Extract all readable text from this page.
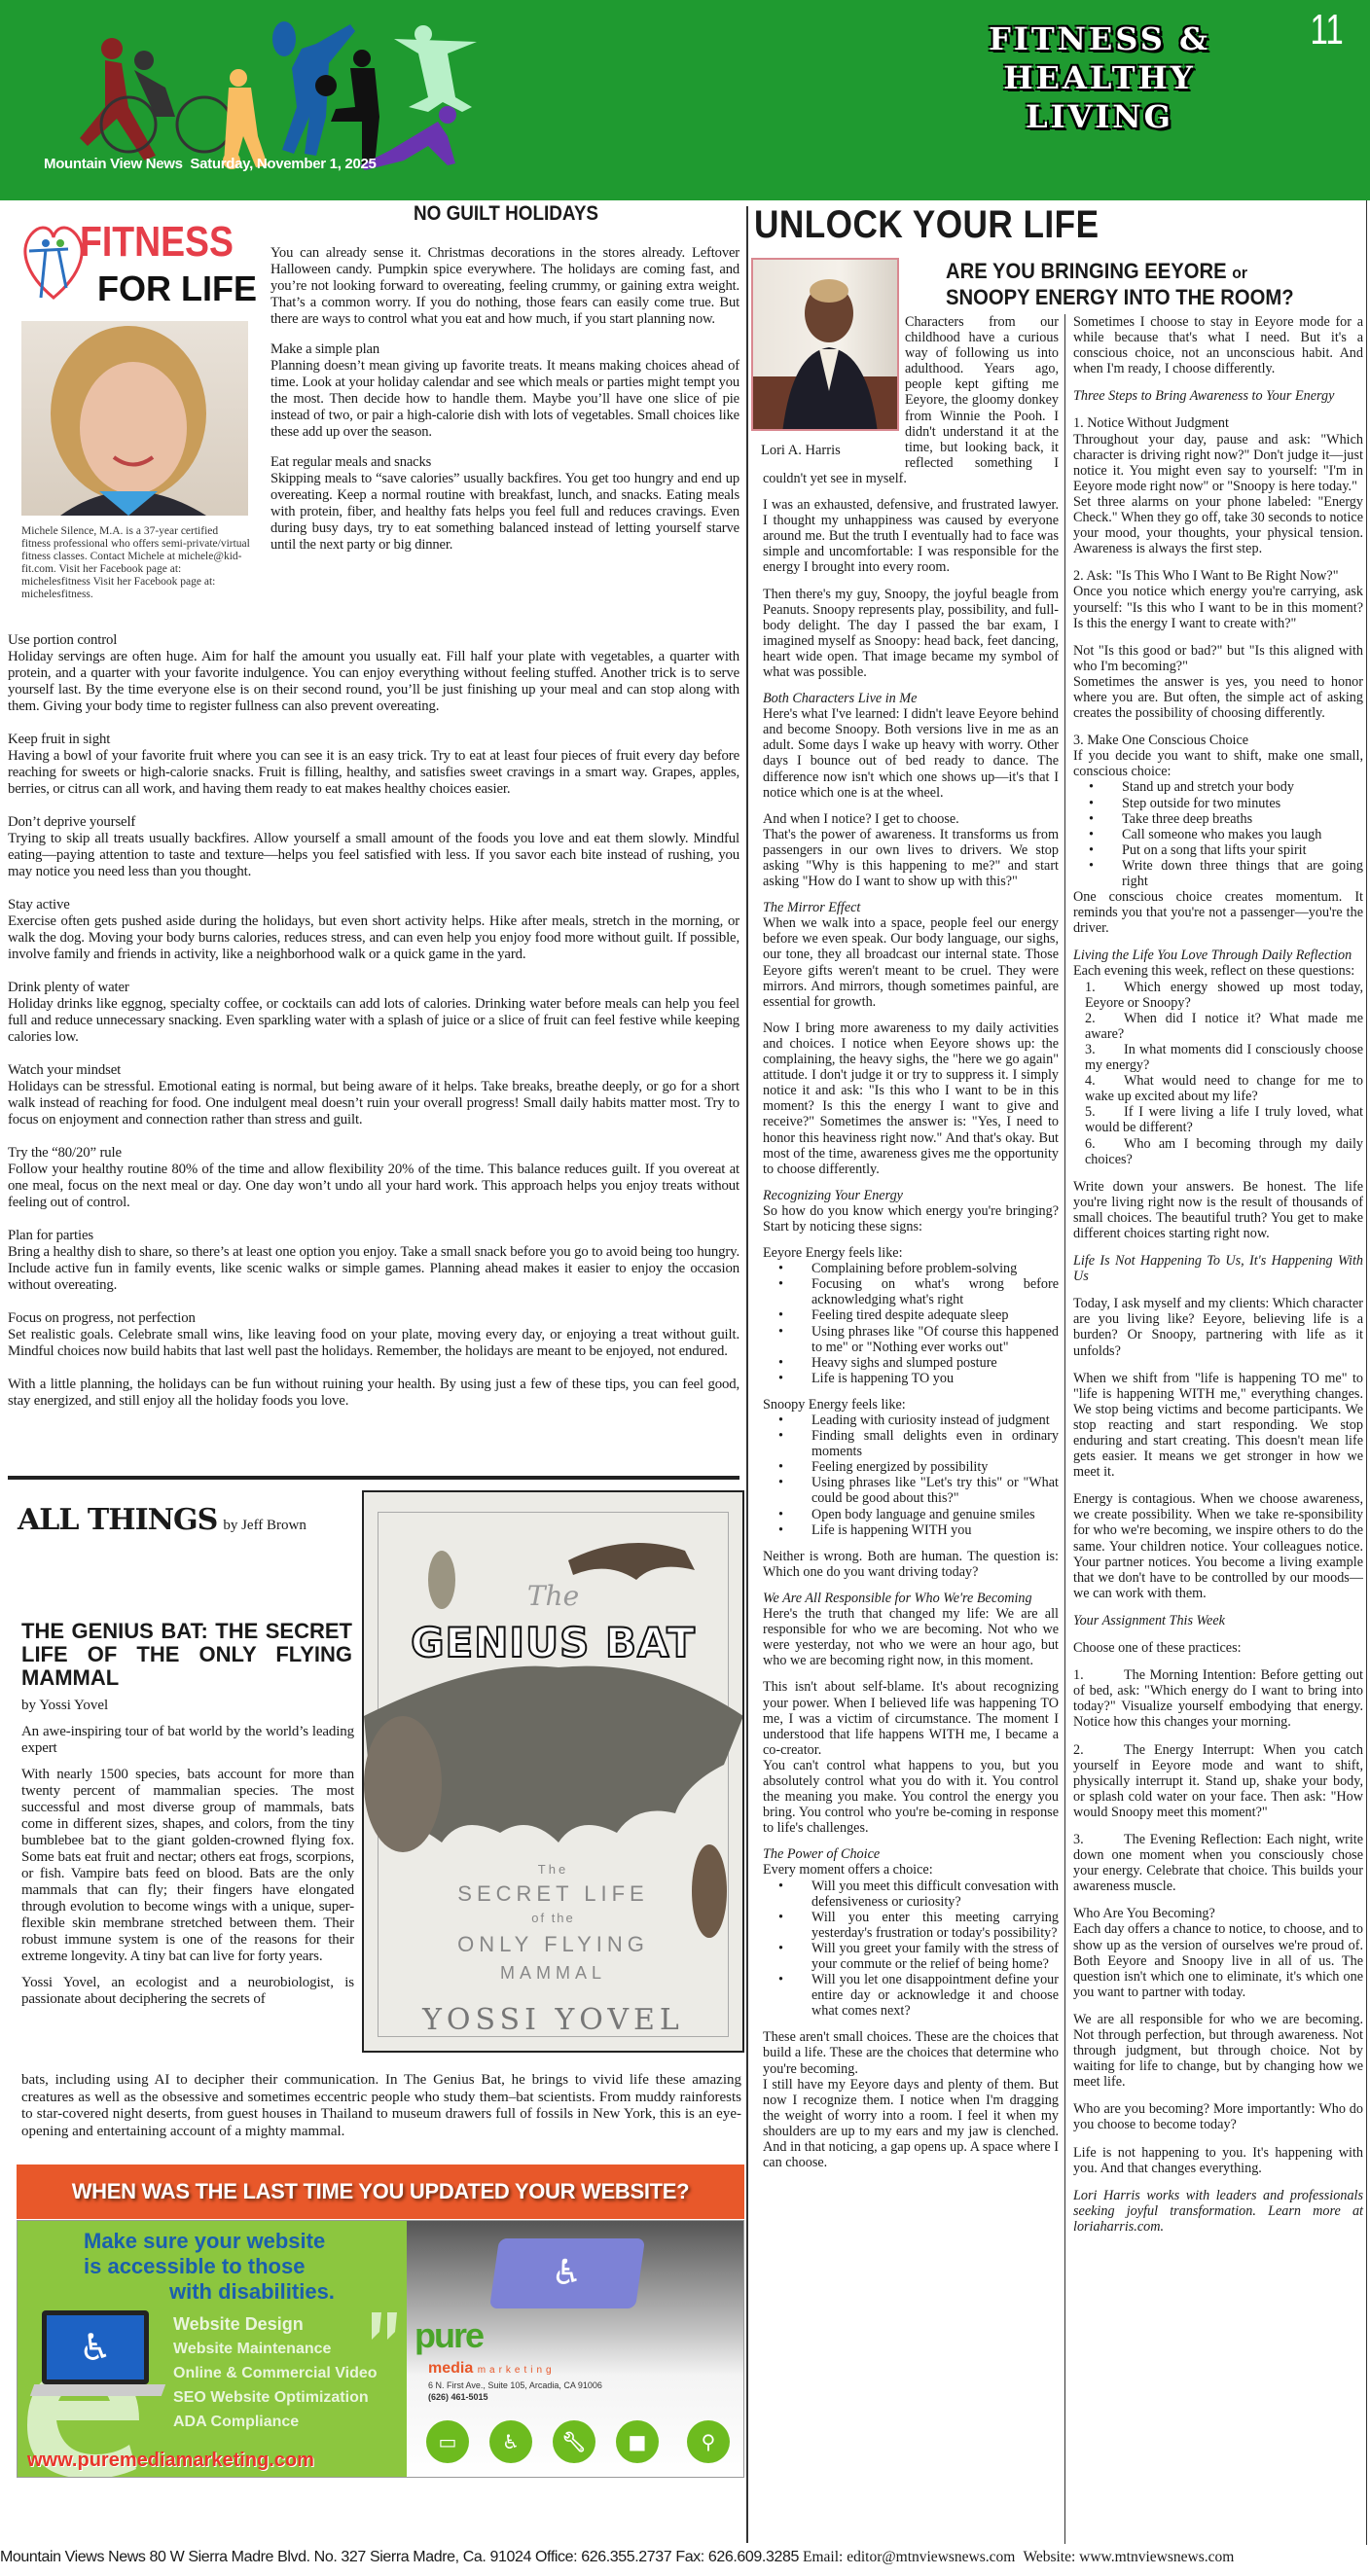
FITNESS & HEALTHY LIVING
11
Mountain View News  Saturday, November 1, 2025
NO GUILT HOLIDAYS
FITNESS
FOR LIFE
Michele Silence, M.A. is a 37-year certified fitness professional who offers semi-private/virtual fitness classes. Contact Michele at michele@kid-fit.com. Visit her Facebook page at: michelesfitness Visit her Facebook page at: michelesfitness.
You can already sense it. Christmas decorations in the stores already. Leftover Halloween candy. Pumpkin spice everywhere. The holidays are coming fast, and you’re not looking forward to overeating, feeling crummy, or gaining extra weight. That’s a common worry. If you do nothing, those fears can easily come true. But there are ways to control what you eat and how much, if you start planning now.
Make a simple plan
Planning doesn’t mean giving up favorite treats. It means making choices ahead of time. Look at your holiday calendar and see which meals or parties might tempt you the most. Then decide how to handle them. Maybe you’ll have one slice of pie instead of two, or pair a high-calorie dish with lots of vegetables. Small choices like these add up over the season.
Eat regular meals and snacks
Skipping meals to “save calories” usually backfires. You get too hungry and end up overeating. Keep a normal routine with breakfast, lunch, and snacks. Eating meals with protein, fiber, and healthy fats helps you feel full and reduces cravings. Even during busy days, try to eat something balanced instead of letting yourself starve until the next party or big dinner.
Use portion control
Holiday servings are often huge. Aim for half the amount you usually eat. Fill half your plate with vegetables, a quarter with protein, and a quarter with your favorite indulgence. You can enjoy everything without feeling stuffed. Another trick is to serve yourself last. By the time everyone else is on their second round, you’ll be just finishing up your meal and can stop along with them. Giving your body time to register fullness can also prevent overeating.
Keep fruit in sight
Having a bowl of your favorite fruit where you can see it is an easy trick. Try to eat at least four pieces of fruit every day before reaching for sweets or high-calorie snacks. Fruit is filling, healthy, and satisfies sweet cravings in a smart way. Grapes, apples, berries, or citrus can all work, and having them ready to eat makes healthy choices easier.
Don’t deprive yourself
Trying to skip all treats usually backfires. Allow yourself a small amount of the foods you love and eat them slowly. Mindful eating—paying attention to taste and texture—helps you feel satisfied with less. If you savor each bite instead of rushing, you may notice you need less than you thought.
Stay active
Exercise often gets pushed aside during the holidays, but even short activity helps. Hike after meals, stretch in the morning, or walk the dog. Moving your body burns calories, reduces stress, and can even help you enjoy food more without guilt. If possible, involve family and friends in activity, like a neighborhood walk or a quick game in the yard.
Drink plenty of water
Holiday drinks like eggnog, specialty coffee, or cocktails can add lots of calories. Drinking water before meals can help you feel full and reduce unnecessary snacking. Even sparkling water with a splash of juice or a slice of fruit can feel festive while keeping calories low.
Watch your mindset
Holidays can be stressful. Emotional eating is normal, but being aware of it helps. Take breaks, breathe deeply, or go for a short walk instead of reaching for food. One indulgent meal doesn’t ruin your overall progress! Small daily habits matter most. Try to focus on enjoyment and connection rather than stress and guilt.
Try the “80/20” rule
Follow your healthy routine 80% of the time and allow flexibility 20% of the time. This balance reduces guilt. If you overeat at one meal, focus on the next meal or day. One day won’t undo all your hard work. This approach helps you enjoy treats without feeling out of control.
Plan for parties
Bring a healthy dish to share, so there’s at least one option you enjoy. Take a small snack before you go to avoid being too hungry. Include active fun in family events, like scenic walks or simple games. Planning ahead makes it easier to enjoy the occasion without overeating.
Focus on progress, not perfection
Set realistic goals. Celebrate small wins, like leaving food on your plate, moving every day, or enjoying a treat without guilt. Mindful choices now build habits that last well past the holidays. Remember, the holidays are meant to be enjoyed, not endured.
With a little planning, the holidays can be fun without ruining your health. By using just a few of these tips, you can feel good, stay energized, and still enjoy all the holiday foods you love.
ALL THINGS by Jeff Brown
THE GENIUS BAT: THE SECRET LIFE OF THE ONLY FLYING MAMMAL
by Yossi Yovel
An awe-inspiring tour of bat world by the world’s leading expert
With nearly 1500 species, bats account for more than twenty percent of mammalian species. The most successful and most diverse group of mammals, bats come in different sizes, shapes, and colors, from the tiny bumblebee bat to the giant golden-crowned flying fox. Some bats eat fruit and nectar; others eat frogs, scorpions, or fish. Vampire bats feed on blood. Bats are the only mammals that can fly; their fingers have elongated through evolution to become wings with a unique, super-flexible skin membrane stretched between them. Their robust immune system is one of the reasons for their extreme longevity. A tiny bat can live for forty years.
Yossi Yovel, an ecologist and a neurobiologist, is passionate about deciphering the secrets of
bats, including using AI to decipher their communication. In The Genius Bat, he brings to vivid life these amazing creatures as well as the obsessive and sometimes eccentric people who study them–bat scientists. From muddy rainforests to star-covered night deserts, from guest houses in Thailand to museum drawers full of fossils in New York, this is an eye-opening and entertaining account of a mighty mammal.
The
GENIUS BAT
The
SECRET LIFE
of the
ONLY FLYING
MAMMAL
YOSSI YOVEL
WHEN WAS THE LAST TIME YOU UPDATED YOUR WEBSITE?
Make sure your website
is accessible to those
with disabilities.
♿
Website Design
Website Maintenance
Online & Commercial Video
SEO Website Optimization
ADA Compliance
www.puremediamarketing.com
♿
pure
media marketing
6 N. First Ave., Suite 105, Arcadia, CA 91006
(626) 461-5015
▭	♿	🔧︎	■	⚲
UNLOCK YOUR LIFE
ARE YOU BRINGING EEYORE or
SNOOPY ENERGY INTO THE ROOM?
Lori A. Harris
Characters from our childhood have a curious way of following us into adulthood. Years ago, people kept gifting me Eeyore, the gloomy donkey from Winnie the Pooh. I didn't understand it at the time, but looking back, it reflected something I couldn't yet see in myself.
I was an exhausted, defensive, and frustrated lawyer. I thought my unhappiness was caused by everyone around me. But the truth I eventually had to face was simple and uncomfortable: I was responsible for the energy I brought into every room.
Then there's my guy, Snoopy, the joyful beagle from Peanuts. Snoopy represents play, possibility, and full-body delight. The day I passed the bar exam, I imagined myself as Snoopy: head back, feet dancing, heart wide open. That image became my symbol of what was possible.
Both Characters Live in Me
Here's what I've learned: I didn't leave Eeyore behind and become Snoopy. Both versions live in me as an adult. Some days I wake up heavy with worry. Other days I bounce out of bed ready to dance. The difference now isn't which one shows up—it's that I notice which one is at the wheel.
And when I notice? I get to choose.
That's the power of awareness. It transforms us from passengers in our own lives to drivers. We stop asking "Why is this happening to me?" and start asking "How do I want to show up with this?"
The Mirror Effect
When we walk into a space, people feel our energy before we even speak. Our body language, our sighs, our tone, they all broadcast our internal state. Those Eeyore gifts weren't meant to be cruel. They were mirrors. And mirrors, though sometimes painful, are essential for growth.
Now I bring more awareness to my daily activities and choices. I notice when Eeyore shows up: the complaining, the heavy sighs, the "here we go again" attitude. I don't judge it or try to suppress it. I simply notice it and ask: "Is this who I want to be in this moment? Is this the energy I want to give and receive?" Sometimes the answer is: "Yes, I need to honor this heaviness right now." And that's okay. But most of the time, awareness gives me the opportunity to choose differently.
Recognizing Your Energy
So how do you know which energy you're bringing? Start by noticing these signs:
Eeyore Energy feels like:
• Complaining before problem-solving
• Focusing on what's wrong before acknowledging what's right
• Feeling tired despite adequate sleep
• Using phrases like "Of course this happened to me" or "Nothing ever works out"
• Heavy sighs and slumped posture
• Life is happening TO you
Snoopy Energy feels like:
• Leading with curiosity instead of judgment
• Finding small delights even in ordinary moments
• Feeling energized by possibility
• Using phrases like "Let's try this" or "What could be good about this?"
• Open body language and genuine smiles
• Life is happening WITH you
Neither is wrong. Both are human. The question is: Which one do you want driving today?
We Are All Responsible for Who We're Becoming
Here's the truth that changed my life: We are all responsible for who we are becoming. Not who we were yesterday, not who we were an hour ago, but who we are becoming right now, in this moment.
This isn't about self-blame. It's about recognizing your power. When I believed life was happening TO me, I was a victim of circumstance. The moment I understood that life happens WITH me, I became a co-creator.
You can't control what happens to you, but you absolutely control what you do with it. You control the meaning you make. You control the energy you bring. You control who you're be-coming in response to life's challenges.
The Power of Choice
Every moment offers a choice:
• Will you meet this difficult convesation with defensiveness or curiosity?
• Will you enter this meeting carrying yesterday's frustration or today's possibility?
• Will you greet your family with the stress of your commute or the relief of being home?
• Will you let one disappointment define your entire day or acknowledge it and choose what comes next?
These aren't small choices. These are the choices that build a life. These are the choices that determine who you're becoming.
I still have my Eeyore days and plenty of them. But now I recognize them. I notice when I'm dragging the weight of worry into a room. I feel it when my shoulders are up to my ears and my jaw is clenched. And in that noticing, a gap opens up. A space where I can choose.
Sometimes I choose to stay in Eeyore mode for a while because that's what I need. But it's a conscious choice, not an unconscious habit. And when I'm ready, I choose differently.
Three Steps to Bring Awareness to Your Energy
1. Notice Without Judgment
Throughout your day, pause and ask: "Which character is driving right now?" Don't judge it—just notice it. You might even say to yourself: "I'm in Eeyore mode right now" or "Snoopy is here today."
Set three alarms on your phone labeled: "Energy Check." When they go off, take 30 seconds to notice your mood, your thoughts, your physical tension. Awareness is always the first step.
2. Ask: "Is This Who I Want to Be Right Now?"
Once you notice which energy you're carrying, ask yourself: "Is this who I want to be in this moment? Is this the energy I want to create with?"
Not "Is this good or bad?" but "Is this aligned with who I'm becoming?"
Sometimes the answer is yes, you need to honor where you are. But often, the simple act of asking creates the possibility of choosing differently.
3. Make One Conscious Choice
If you decide you want to shift, make one small, conscious choice:
• Stand up and stretch your body
• Step outside for two minutes
• Take three deep breaths
• Call someone who makes you laugh
• Put on a song that lifts your spirit
• Write down three things that are going right
One conscious choice creates momentum. It reminds you that you're not a passenger—you're the driver.
Living the Life You Love Through Daily Reflection
Each evening this week, reflect on these questions:
1. Which energy showed up most today, Eeyore or Snoopy?
2. When did I notice it? What made me aware?
3. In what moments did I consciously choose my energy?
4. What would need to change for me to wake up excited about my life?
5. If I were living a life I truly loved, what would be different?
6. Who am I becoming through my daily choices?
Write down your answers. Be honest. The life you're living right now is the result of thousands of small choices. The beautiful truth? You get to make different choices starting right now.
Life Is Not Happening To Us, It's Happening With Us
Today, I ask myself and my clients: Which character are you living like? Eeyore, believing life is a burden? Or Snoopy, partnering with life as it unfolds?
When we shift from "life is happening TO me" to "life is happening WITH me," everything changes. We stop being victims and become participants. We stop reacting and start responding. We stop enduring and start creating. This doesn't mean life gets easier. It means we get stronger in how we meet it.
Energy is contagious. When we choose awareness, we create possibility. When we take re-sponsibility for who we're becoming, we inspire others to do the same. Your children notice. Your colleagues notice. Your partner notices. You become a living example that we don't have to be controlled by our moods—we can work with them.
Your Assignment This Week
Choose one of these practices:
1.	The Morning Intention: Before getting out of bed, ask: "Which energy do I want to bring into today?" Visualize yourself embodying that energy. Notice how this changes your morning.
2.	The Energy Interrupt: When you catch yourself in Eeyore mode and want to shift, physically interrupt it. Stand up, shake your body, or splash cold water on your face. Then ask: "How would Snoopy meet this moment?"
3.	The Evening Reflection: Each night, write down one moment when you consciously chose your energy. Celebrate that choice. This builds your awareness muscle.
Who Are You Becoming?
Each day offers a chance to notice, to choose, and to show up as the version of ourselves we're proud of. Both Eeyore and Snoopy live in all of us. The question isn't which one to eliminate, it's which one you want to partner with today.
We are all responsible for who we are becoming. Not through perfection, but through awareness. Not through judgment, but through choice. Not by waiting for life to change, but by changing how we meet life.
Who are you becoming? More importantly: Who do you choose to become today?
Life is not happening to you. It's happening with you. And that changes everything.
Lori Harris works with leaders and professionals seeking joyful transformation. Learn more at loriaharris.com.
Mountain Views News 80 W Sierra Madre Blvd. No. 327 Sierra Madre, Ca. 91024 Office: 626.355.2737 Fax: 626.609.3285 Email: editor@mtnviewsnews.com Website: www.mtnviewsnews.com
